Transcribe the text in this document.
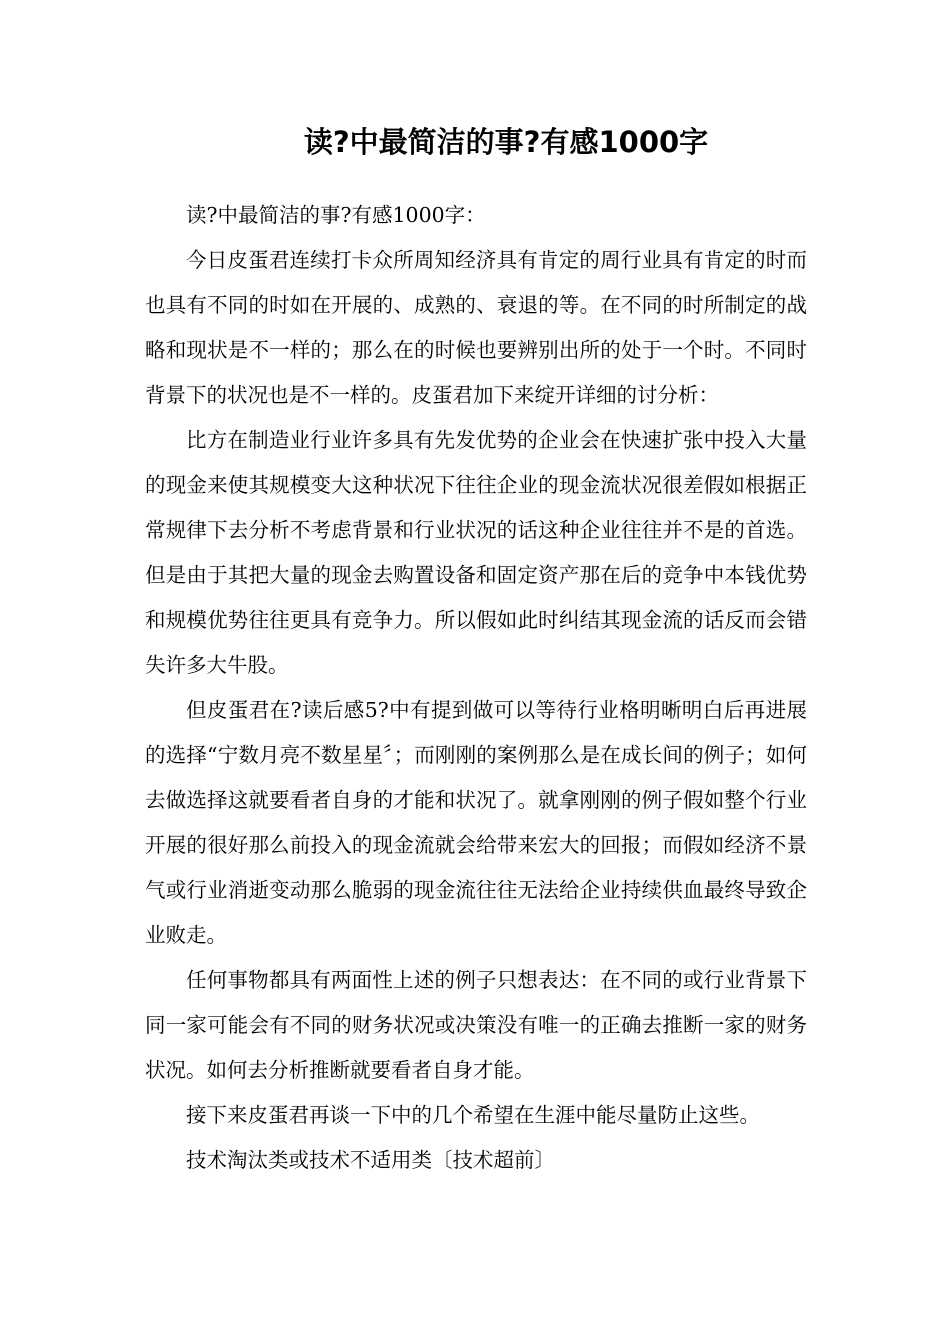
读?中最简洁的事?有感1000字

读?中最简洁的事?有感1000字：

今日皮蛋君连续打卡众所周知经济具有肯定的周行业具有肯定的时而也具有不同的时如在开展的、成熟的、衰退的等。在不同的时所制定的战略和现状是不一样的；那么在的时候也要辨别出所的处于一个时。不同时背景下的状况也是不一样的。皮蛋君加下来绽开详细的讨分析：

比方在制造业行业许多具有先发优势的企业会在快速扩张中投入大量的现金来使其规模变大这种状况下往往企业的现金流状况很差假如根据正常规律下去分析不考虑背景和行业状况的话这种企业往往并不是的首选。但是由于其把大量的现金去购置设备和固定资产那在后的竞争中本钱优势和规模优势往往更具有竞争力。所以假如此时纠结其现金流的话反而会错失许多大牛股。

但皮蛋君在?读后感5?中有提到做可以等待行业格明晰明白后再进展的选择“宁数月亮不数星星〞；而刚刚的案例那么是在成长间的例子；如何去做选择这就要看者自身的才能和状况了。就拿刚刚的例子假如整个行业开展的很好那么前投入的现金流就会给带来宏大的回报；而假如经济不景气或行业消逝变动那么脆弱的现金流往往无法给企业持续供血最终导致企业败走。

任何事物都具有两面性上述的例子只想表达：在不同的或行业背景下同一家可能会有不同的财务状况或决策没有唯一的正确去推断一家的财务状况。如何去分析推断就要看者自身才能。

接下来皮蛋君再谈一下中的几个希望在生涯中能尽量防止这些。

技术淘汰类或技术不适用类〔技术超前〕
